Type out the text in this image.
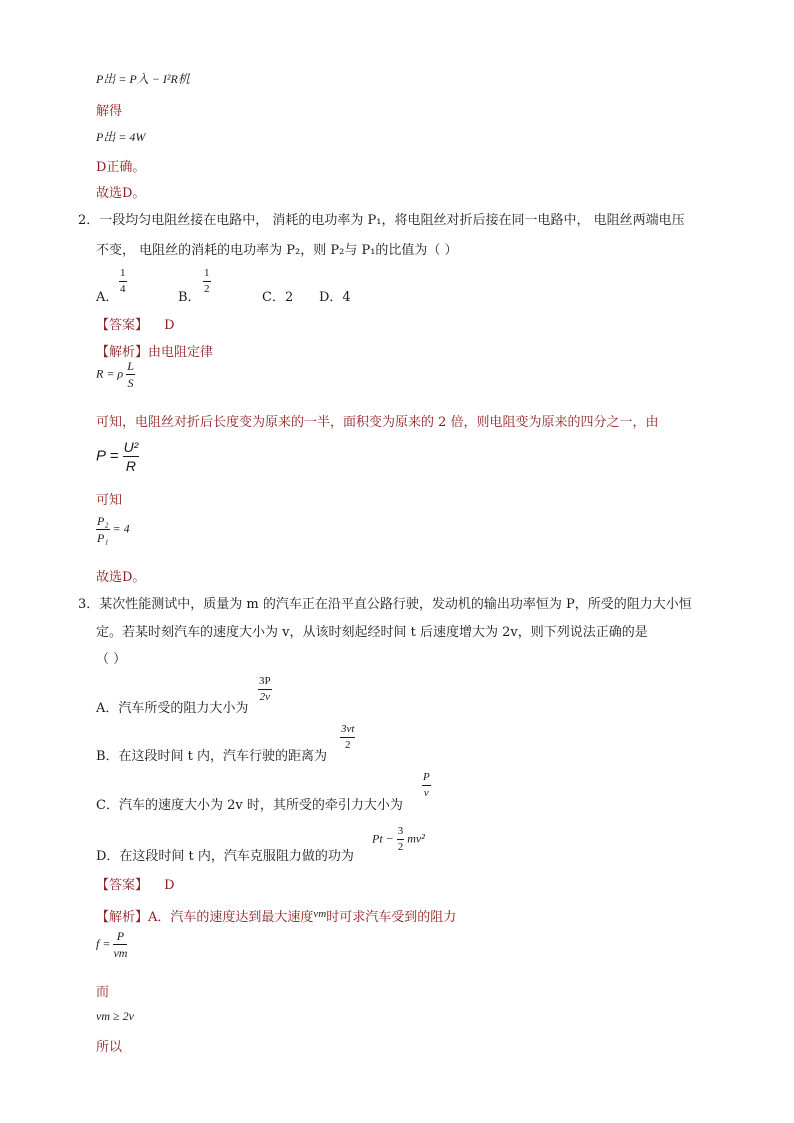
P出 = P入 − I²R机
解得
P出 = 4W
D正确。
故选D。
2．一段均匀电阻丝接在电路中， 消耗的电功率为 P₁，将电阻丝对折后接在同一电路中， 电阻丝两端电压
不变， 电阻丝的消耗的电功率为 P₂，则 P₂与 P₁的比值为（ ）
A．
$\frac{1}{4}$
B．
$\frac{1}{2}$
C．2 D．4
【答案】 D
【解析】由电阻定律
R = ρ $\frac{L}{S}$
可知，电阻丝对折后长度变为原来的一半，面积变为原来的 2 倍，则电阻变为原来的四分之一，由
$P = \frac{\text{U²}}{R}$
可知
$\frac{\text{P₂}}{\text{P₁}} = 4$
故选D。
3．某次性能测试中，质量为 m 的汽车正在沿平直公路行驶，发动机的输出功率恒为 P，所受的阻力大小恒
定。若某时刻汽车的速度大小为 v，从该时刻起经时间 t 后速度增大为 2v，则下列说法正确的是
（ ）
A．汽车所受的阻力大小为
$\frac{3P}{2v}$
B．在这段时间 t 内，汽车行驶的距离为
$\frac{3vt}{2}$
C．汽车的速度大小为 2v 时，其所受的牵引力大小为
$\frac{P}{v}$
D．在这段时间 t 内，汽车克服阻力做的功为
$Pt - \frac{3}{2} mv^2$
【答案】 D
【解析】A．汽车的速度达到最大速度$^{vm}$时可求汽车受到的阻力
$f = \frac{P}{vm}$
而
vm ≥ 2v
所以
